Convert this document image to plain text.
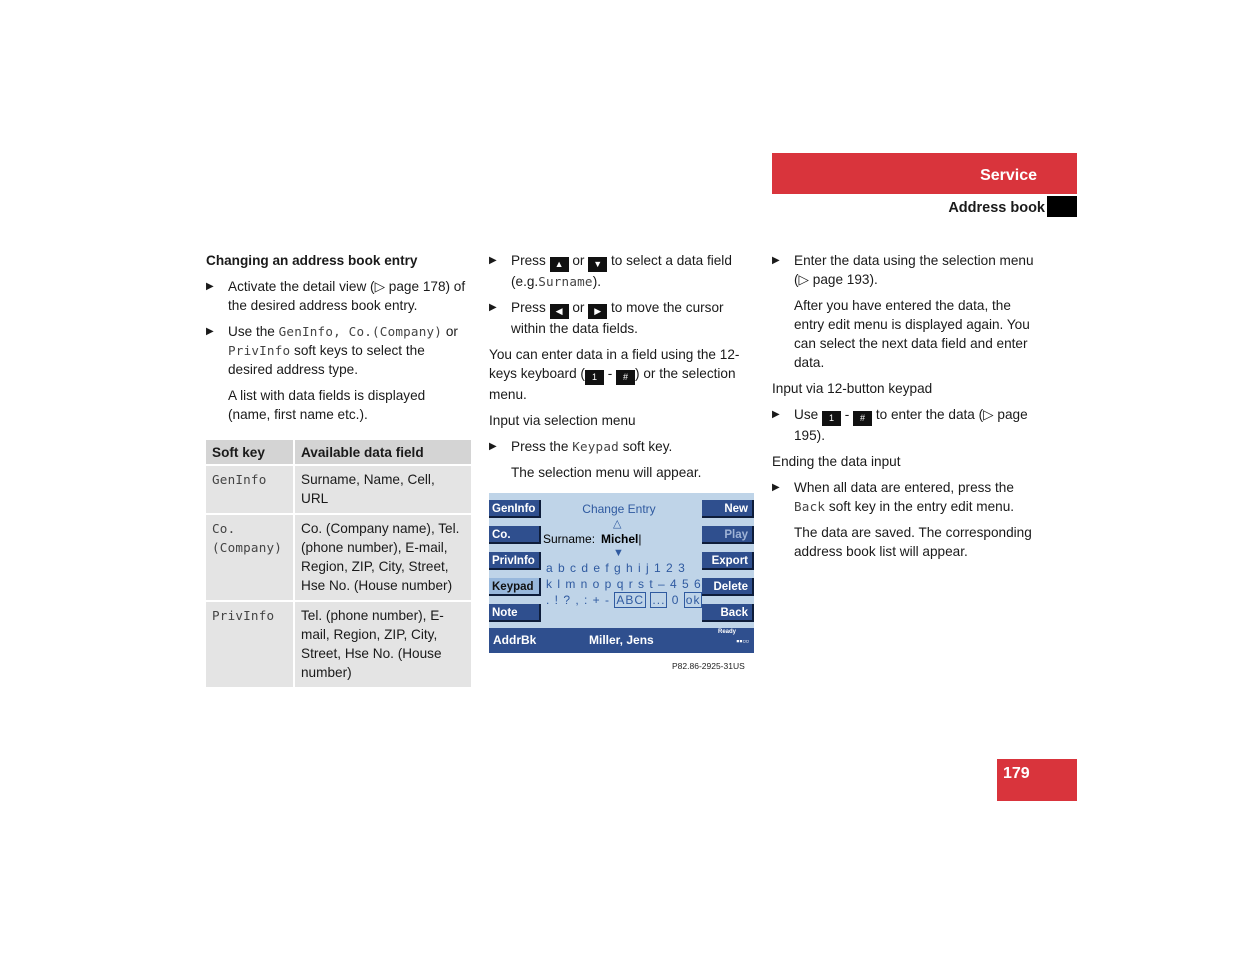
Service
Address book

Changing an address book entry

▶ Activate the detail view (▷ page 178) of the desired address book entry.
▶ Use the GenInfo, Co.(Company) or PrivInfo soft keys to select the desired address type.

A list with data fields is displayed (name, first name etc.).

Soft key	Available data field
GenInfo	Surname, Name, Cell, URL
Co. (Company)	Co. (Company name), Tel. (phone number), E-mail, Region, ZIP, City, Street, Hse No. (House number)
PrivInfo	Tel. (phone number), E-mail, Region, ZIP, City, Street, Hse No. (House number)
▶ Press ▲ or ▼ to select a data field (e.g.Surname).
▶ Press ◀ or ▶ to move the cursor within the data fields.

You can enter data in a field using the 12-keys keyboard ( 1 - # ) or the selection menu.

Input via selection menu

▶ Press the Keypad soft key.

The selection menu will appear.

GenInfo
Co.
PrivInfo
Keypad
Note
New
Play
Export
Delete
Back
Change Entry
△
Surname: Michel|
▼
a b c d e f g h i j 1 2 3
k l m n o p q r s t – 4 5 6
. ! ? , : + - ABC ... 0 ok
AddrBk	Miller, Jens
Ready
▪▪▫▫
P82.86-2925-31US
▶ Enter the data using the selection menu (▷ page 193).

After you have entered the data, the entry edit menu is displayed again. You can select the next data field and enter data.

Input via 12-button keypad

▶ Use 1 - # to enter the data (▷ page 195).

Ending the data input

▶ When all data are entered, press the Back soft key in the entry edit menu.

The data are saved. The corresponding address book list will appear.

179
